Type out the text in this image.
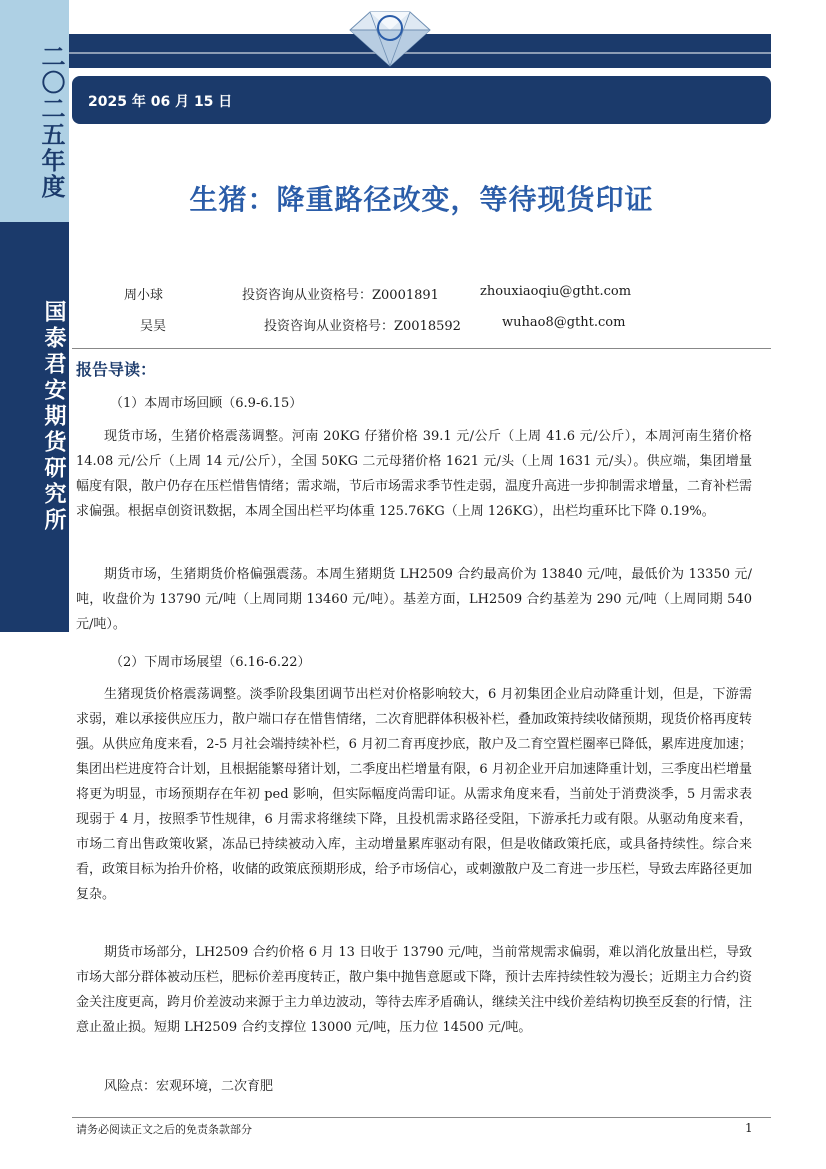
二〇二五年度
国泰君安期货研究所
2025 年 06 月 15 日
生猪：降重路径改变，等待现货印证
周小球	投资咨询从业资格号：Z0001891	zhouxiaoqiu@gtht.com
吴昊	投资咨询从业资格号：Z0018592	wuhao8@gtht.com
报告导读：
（1）本周市场回顾（6.9-6.15）
现货市场，生猪价格震荡调整。河南 20KG 仔猪价格 39.1 元/公斤（上周 41.6 元/公斤），本周河南生猪价格 14.08 元/公斤（上周 14 元/公斤），全国 50KG 二元母猪价格 1621 元/头（上周 1631 元/头）。供应端，集团增量幅度有限，散户仍存在压栏惜售情绪；需求端，节后市场需求季节性走弱，温度升高进一步抑制需求增量，二育补栏需求偏强。根据卓创资讯数据，本周全国出栏平均体重 125.76KG（上周 126KG），出栏均重环比下降 0.19%。
期货市场，生猪期货价格偏强震荡。本周生猪期货 LH2509 合约最高价为 13840 元/吨，最低价为 13350 元/吨，收盘价为 13790 元/吨（上周同期 13460 元/吨）。基差方面，LH2509 合约基差为 290 元/吨（上周同期 540 元/吨）。
（2）下周市场展望（6.16-6.22）
生猪现货价格震荡调整。淡季阶段集团调节出栏对价格影响较大，6 月初集团企业启动降重计划，但是，下游需求弱，难以承接供应压力，散户端口存在惜售情绪，二次育肥群体积极补栏，叠加政策持续收储预期，现货价格再度转强。从供应角度来看，2-5 月社会端持续补栏，6 月初二育再度抄底，散户及二育空置栏圈率已降低，累库进度加速；集团出栏进度符合计划，且根据能繁母猪计划，二季度出栏增量有限，6 月初企业开启加速降重计划，三季度出栏增量将更为明显，市场预期存在年初 ped 影响，但实际幅度尚需印证。从需求角度来看，当前处于消费淡季，5 月需求表现弱于 4 月，按照季节性规律，6 月需求将继续下降，且投机需求路径受阻，下游承托力或有限。从驱动角度来看，市场二育出售政策收紧，冻品已持续被动入库，主动增量累库驱动有限，但是收储政策托底，或具备持续性。综合来看，政策目标为抬升价格，收储的政策底预期形成，给予市场信心，或刺激散户及二育进一步压栏，导致去库路径更加复杂。
期货市场部分，LH2509 合约价格 6 月 13 日收于 13790 元/吨，当前常规需求偏弱，难以消化放量出栏，导致市场大部分群体被动压栏，肥标价差再度转正，散户集中抛售意愿或下降，预计去库持续性较为漫长；近期主力合约资金关注度更高，跨月价差波动来源于主力单边波动，等待去库矛盾确认，继续关注中线价差结构切换至反套的行情，注意止盈止损。短期 LH2509 合约支撑位 13000 元/吨，压力位 14500 元/吨。
风险点：宏观环境，二次育肥
请务必阅读正文之后的免责条款部分	1
